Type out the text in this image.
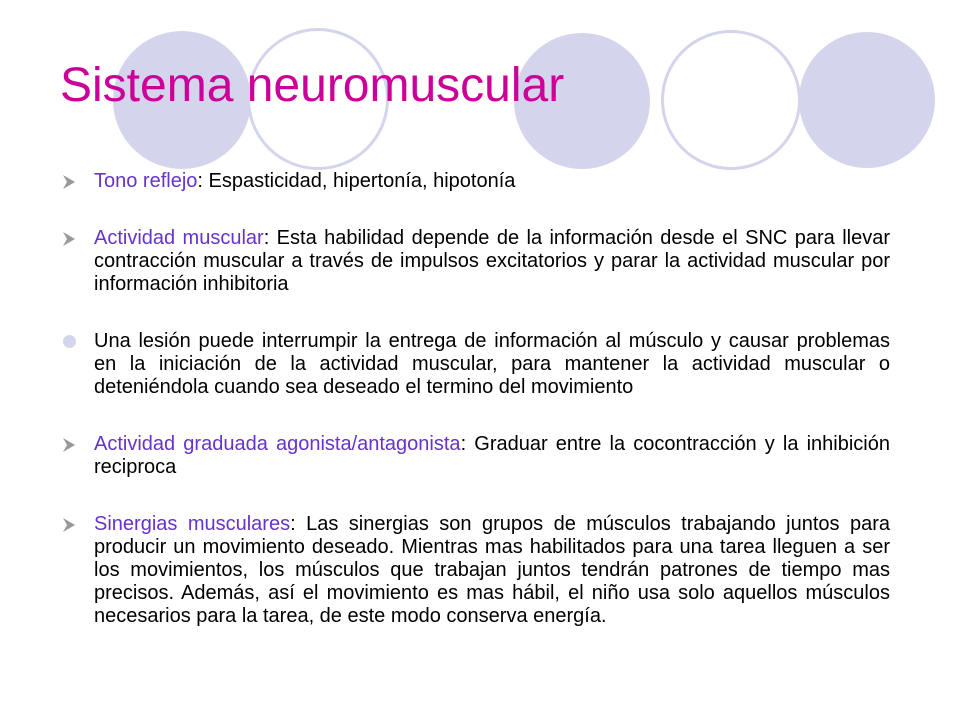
Sistema neuromuscular
Tono reflejo: Espasticidad, hipertonía, hipotonía
Actividad muscular: Esta habilidad depende de la información desde el SNC para llevar contracción muscular a través de impulsos excitatorios y parar la actividad muscular por información inhibitoria
Una lesión puede interrumpir la entrega de información al músculo y causar problemas en la iniciación de la actividad muscular, para mantener la actividad muscular o deteniéndola cuando sea deseado el termino del movimiento
Actividad graduada agonista/antagonista: Graduar entre la cocontracción y la inhibición reciproca
Sinergias musculares: Las sinergias son grupos de músculos trabajando juntos para producir un movimiento deseado. Mientras mas habilitados para una tarea lleguen a ser los movimientos, los músculos que trabajan juntos tendrán patrones de tiempo mas precisos. Además, así el movimiento es mas hábil, el niño usa solo aquellos músculos necesarios para la tarea, de este modo conserva energía.
